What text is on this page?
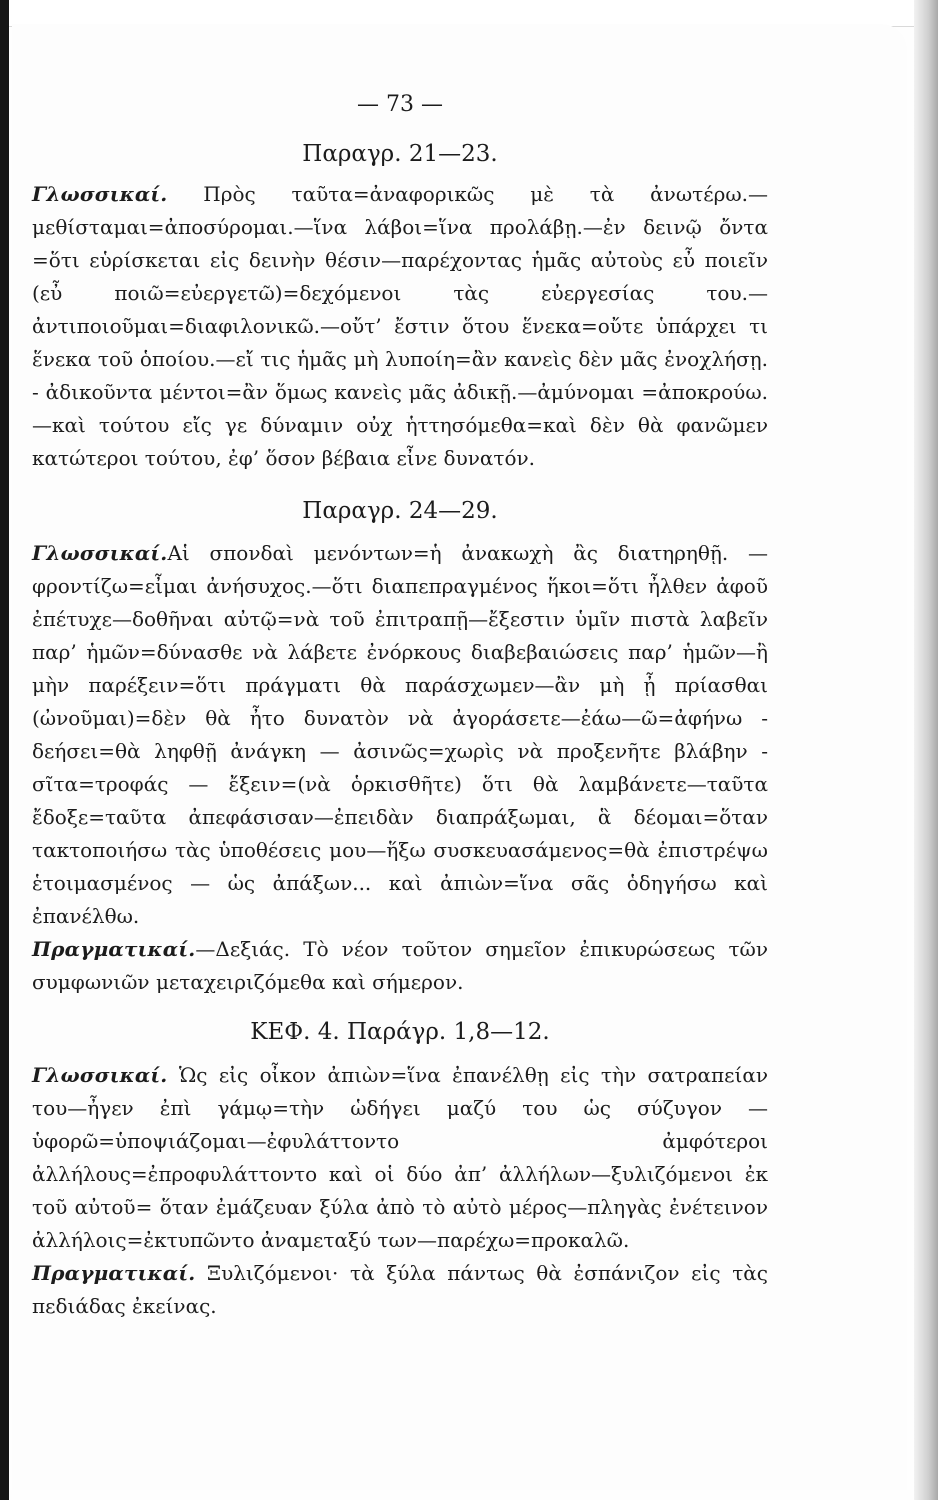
— 73 —
Παραγρ. 21—23.

Γλωσσικαί. Πρὸς ταῦτα=ἀναφορικῶς μὲ τὰ ἀνωτέρω.—μεθίσταμαι=ἀποσύρομαι.—ἵνα λάβοι=ἵνα προλάβῃ.—ἐν δεινῷ ὄντα =ὅτι εὑρίσκεται εἰς δεινὴν θέσιν—παρέχοντας ἡμᾶς αὐτοὺς εὖ ποιεῖν (εὖ ποιῶ=εὐεργετῶ)=δεχόμενοι τὰς εὐεργεσίας του.—ἀντιποιοῦμαι=διαφιλονικῶ.—οὔτ’ ἔστιν ὅτου ἕνεκα=οὔτε ὑπάρχει τι ἕνεκα τοῦ ὁποίου.—εἴ τις ἡμᾶς μὴ λυποίη=ἂν κανεὶς δὲν μᾶς ἐνοχλήσῃ. - ἀδικοῦντα μέντοι=ἂν ὅμως κανεὶς μᾶς ἀδικῇ.—ἀμύνομαι =ἀποκρούω.—καὶ τούτου εἴς γε δύναμιν οὐχ ἡττησόμεθα=καὶ δὲν θὰ φανῶμεν κατώτεροι τούτου, ἐφ’ ὅσον βέβαια εἶνε δυνατόν.

Παραγρ. 24—29.

Γλωσσικαί.Αἱ σπονδαὶ μενόντων=ἡ ἀνακωχὴ ἂς διατηρηθῇ. — φροντίζω=εἶμαι ἀνήσυχος.—ὅτι διαπεπραγμένος ἥκοι=ὅτι ἦλθεν ἀφοῦ ἐπέτυχε—δοθῆναι αὐτῷ=νὰ τοῦ ἐπιτραπῇ—ἔξεστιν ὑμῖν πιστὰ λαβεῖν παρ’ ἡμῶν=δύνασθε νὰ λάβετε ἐνόρκους διαβεβαιώσεις παρ’ ἡμῶν—ἢ μὴν παρέξειν=ὅτι πράγματι θὰ παράσχωμεν—ἂν μὴ ᾖ πρίασθαι (ὠνοῦμαι)=δὲν θὰ ἦτο δυνατὸν νὰ ἀγοράσετε—ἐάω—ῶ=ἀφήνω - δεήσει=θὰ ληφθῇ ἀνάγκη — ἀσινῶς=χωρὶς νὰ προξενῆτε βλάβην - σῖτα=τροφάς — ἔξειν=(νὰ ὁρκισθῆτε) ὅτι θὰ λαμβάνετε—ταῦτα ἔδοξε=ταῦτα ἀπεφάσισαν—ἐπειδὰν διαπράξωμαι, ἃ δέομαι=ὅταν τακτοποιήσω τὰς ὑποθέσεις μου—ἥξω συσκευασάμενος=θὰ ἐπιστρέψω ἑτοιμασμένος — ὡς ἀπάξων... καὶ ἀπιὼν=ἵνα σᾶς ὁδηγήσω καὶ ἐπανέλθω.

Πραγματικαί.—Δεξιάς. Τὸ νέον τοῦτον σημεῖον ἐπικυρώσεως τῶν συμφωνιῶν μεταχειριζόμεθα καὶ σήμερον.

ΚΕΦ. 4. Παράγρ. 1,8—12.

Γλωσσικαί. Ὡς εἰς οἶκον ἀπιὼν=ἵνα ἐπανέλθῃ εἰς τὴν σατραπείαν του—ἦγεν ἐπὶ γάμῳ=τὴν ὡδήγει μαζύ του ὡς σύζυγον —ὑφορῶ=ὑποψιάζομαι—ἐφυλάττοντο ἀμφότεροι ἀλλήλους=ἐπροφυλάττοντο καὶ οἱ δύο ἀπ’ ἀλλήλων—ξυλιζόμενοι ἐκ τοῦ αὐτοῦ= ὅταν ἐμάζευαν ξύλα ἀπὸ τὸ αὐτὸ μέρος—πληγὰς ἐνέτεινον ἀλλήλοις=ἐκτυπῶντο ἀναμεταξύ των—παρέχω=προκαλῶ.

Πραγματικαί. Ξυλιζόμενοι· τὰ ξύλα πάντως θὰ ἐσπάνιζον εἰς τὰς πεδιάδας ἐκείνας.
